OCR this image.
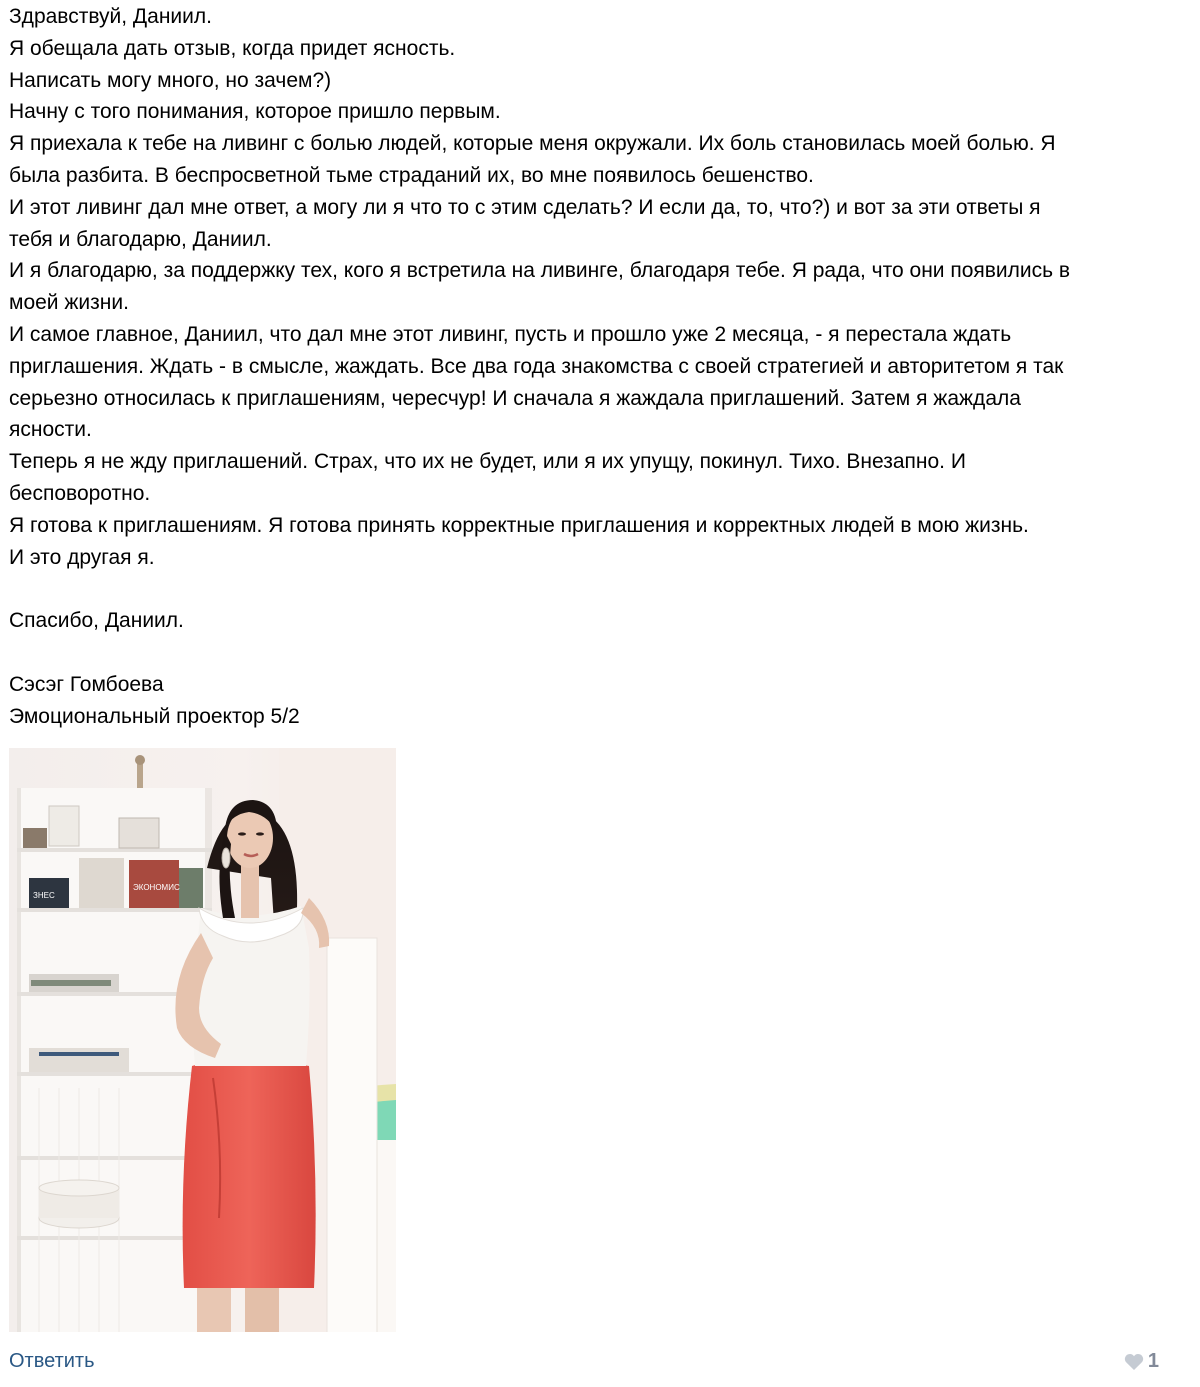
Здравствуй, Даниил.
Я обещала дать отзыв, когда придет ясность.
Написать могу много, но зачем?)
Начну с того понимания, которое пришло первым.
Я приехала к тебе на ливинг с болью людей, которые меня окружали. Их боль становилась моей болью. Я
была разбита. В беспросветной тьме страданий их, во мне появилось бешенство.
И этот ливинг дал мне ответ, а могу ли я что то с этим сделать? И если да, то, что?) и вот за эти ответы я
тебя и благодарю, Даниил.
И я благодарю, за поддержку тех, кого я встретила на ливинге, благодаря тебе. Я рада, что они появились в
моей жизни.
И самое главное, Даниил, что дал мне этот ливинг, пусть и прошло уже 2 месяца, - я перестала ждать
приглашения. Ждать - в смысле, жаждать. Все два года знакомства с своей стратегией и авторитетом я так
серьезно относилась к приглашениям, чересчур! И сначала я жаждала приглашений. Затем я жаждала
ясности.
Теперь я не жду приглашений. Страх, что их не будет, или я их упущу, покинул. Тихо. Внезапно. И
бесповоротно.
Я готова к приглашениям. Я готова принять корректные приглашения и корректных людей в мою жизнь.
И это другая я.
Спасибо, Даниил.
Сэсэг Гомбоева
Эмоциональный проектор 5/2
ЗНЕС
ЭКОНОМИС
Ответить	1
